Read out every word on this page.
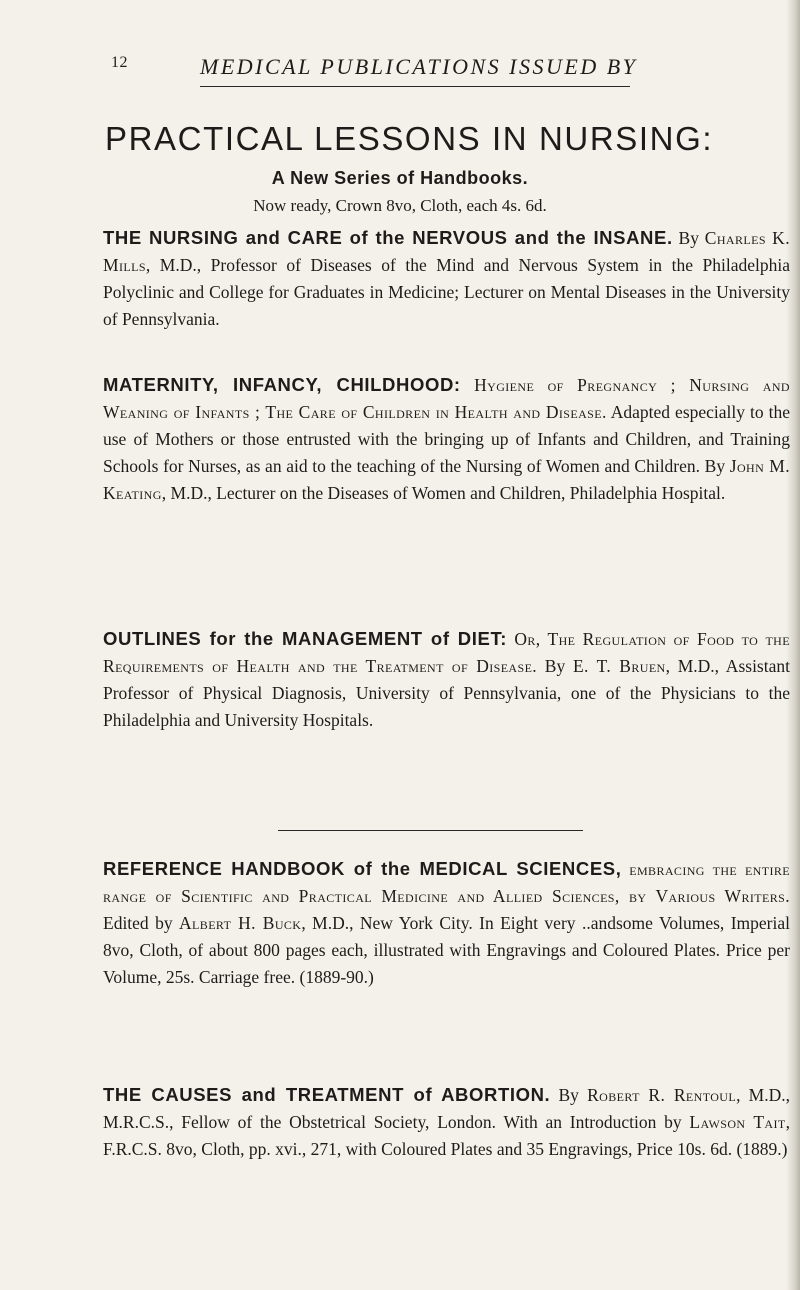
12	MEDICAL PUBLICATIONS ISSUED BY
PRACTICAL LESSONS IN NURSING:
A New Series of Handbooks.
Now ready, Crown 8vo, Cloth, each 4s. 6d.
THE NURSING and CARE of the NERVOUS and the INSANE. By Charles K. Mills, M.D., Professor of Diseases of the Mind and Nervous System in the Philadelphia Polyclinic and College for Graduates in Medicine; Lecturer on Mental Diseases in the University of Pennsylvania.
MATERNITY, INFANCY, CHILDHOOD: Hygiene of Pregnancy ; Nursing and Weaning of Infants ; The Care of Children in Health and Disease. Adapted especially to the use of Mothers or those entrusted with the bringing up of Infants and Children, and Training Schools for Nurses, as an aid to the teaching of the Nursing of Women and Children. By John M. Keating, M.D., Lecturer on the Diseases of Women and Children, Philadelphia Hospital.
OUTLINES for the MANAGEMENT of DIET: Or, The Regulation of Food to the Requirements of Health and the Treatment of Disease. By E. T. Bruen, M.D., Assistant Professor of Physical Diagnosis, University of Pennsylvania, one of the Physicians to the Philadelphia and University Hospitals.
REFERENCE HANDBOOK of the MEDICAL SCIENCES, embracing the entire range of Scientific and Practical Medicine and Allied Sciences, by Various Writers. Edited by Albert H. Buck, M.D., New York City. In Eight very ..andsome Volumes, Imperial 8vo, Cloth, of about 800 pages each, illustrated with Engravings and Coloured Plates. Price per Volume, 25s. Carriage free. (1889-90.)
THE CAUSES and TREATMENT of ABORTION. By Robert R. Rentoul, M.D., M.R.C.S., Fellow of the Obstetrical Society, London. With an Introduction by Lawson Tait, F.R.C.S. 8vo, Cloth, pp. xvi., 271, with Coloured Plates and 35 Engravings, Price 10s. 6d. (1889.)
